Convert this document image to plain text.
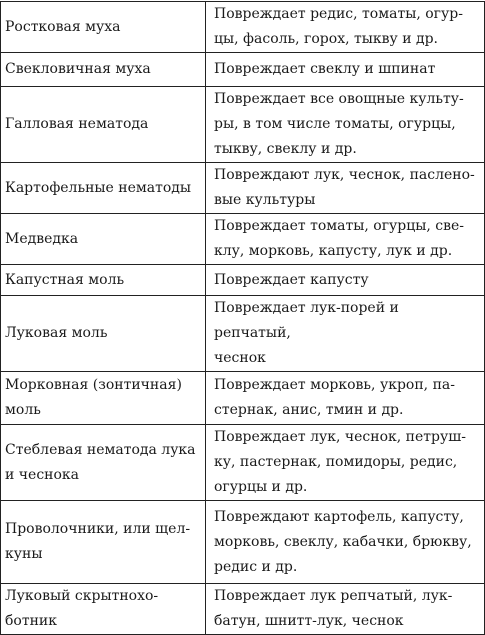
Ростковая муха	Повреждает редис, томаты, огур-
цы, фасоль, горох, тыкву и др.
Свекловичная муха	Повреждает свеклу и шпинат
Галловая нематода	Повреждает все овощные культу-
ры, в том числе томаты, огурцы,
тыкву, свеклу и др.
Картофельные нематоды	Повреждают лук, чеснок, паслено-
вые культуры
Медведка	Повреждает томаты, огурцы, све-
клу, морковь, капусту, лук и др.
Капустная моль	Повреждает капусту
Луковая моль	Повреждает лук-порей и репчатый,
чеснок
Морковная (зонтичная)
моль	Повреждает морковь, укроп, па-
стернак, анис, тмин и др.
Стеблевая нематода лука
и чеснока	Повреждает лук, чеснок, петруш-
ку, пастернак, помидоры, редис,
огурцы и др.
Проволочники, или щел-
куны	Повреждают картофель, капусту,
морковь, свеклу, кабачки, брюкву,
редис и др.
Луковый скрытнохо-
ботник	Повреждает лук репчатый, лук-
батун, шнитт-лук, чеснок
